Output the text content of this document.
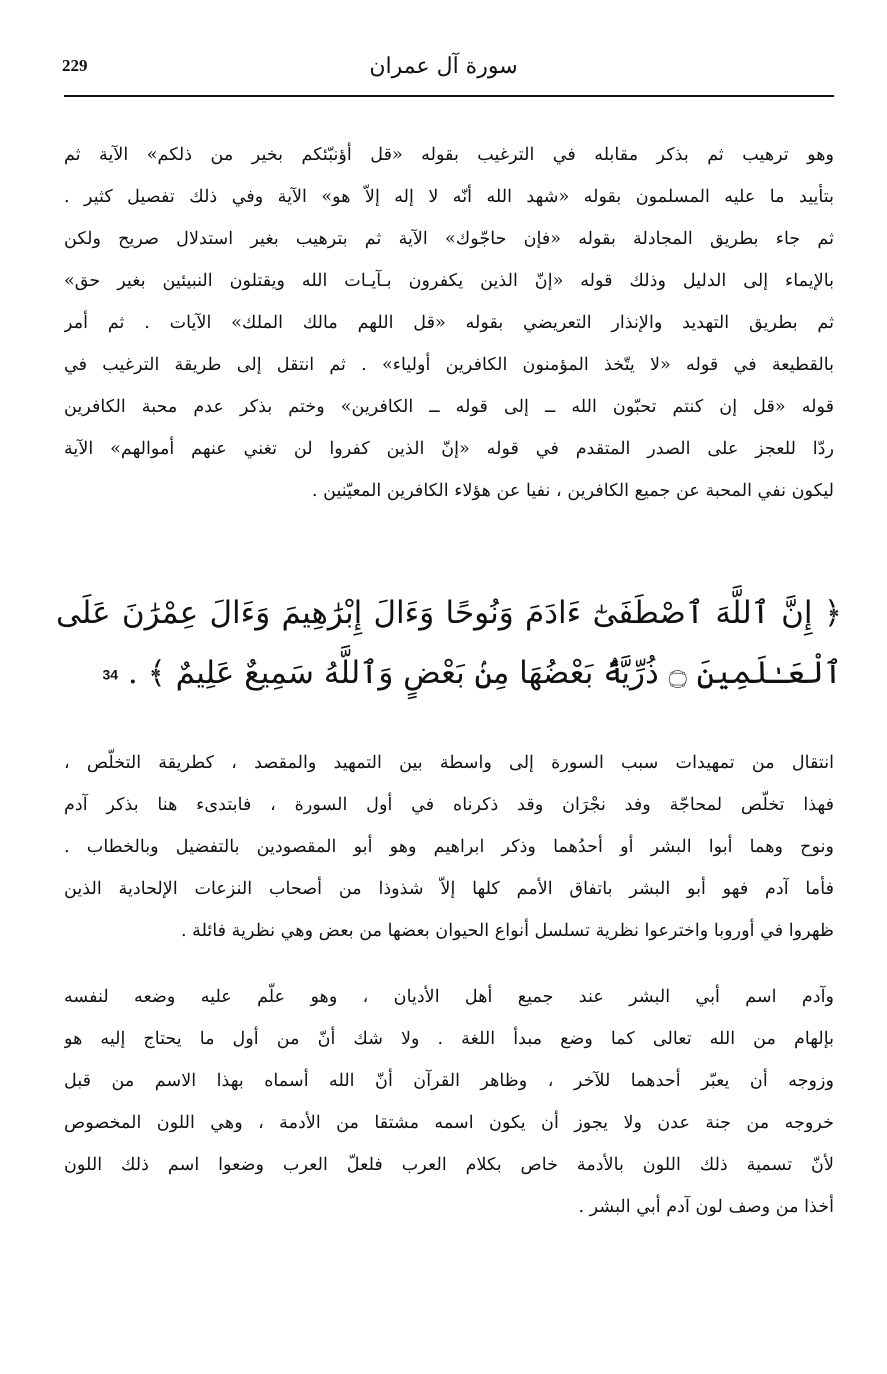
229	سورة آل عمران
وهو ترهيب ثم بذكر مقابله في الترغيب بقوله «قل أؤنبّئكم بخير من ذلكم» الآية ثم
بتأييد ما عليه المسلمون بقوله «شهد الله أنّه لا إله إلاّ هو» الآية وفي ذلك تفصيل كثير .
ثم جاء بطريق المجادلة بقوله «فإن حاجّوك» الآية ثم بترهيب بغير استدلال صريح ولكن
بالإيماء إلى الدليل وذلك قوله «إنّ الذين يكفرون بـآيـات الله ويقتلون النبيئين بغير حق»
ثم بطريق التهديد والإنذار التعريضي بقوله «قل اللهم مالك الملك» الآيات . ثم أمر
بالقطيعة في قوله «لا يتّخذ المؤمنون الكافرين أولياء» . ثم انتقل إلى طريقة الترغيب في
قوله «قل إن كنتم تحبّون الله ــ إلى قوله ــ الكافرين» وختم بذكر عدم محبة الكافرين
ردّا للعجز على الصدر المتقدم في قوله «إنّ الذين كفروا لن تغني عنهم أموالهم» الآية
ليكون نفي المحبة عن جميع الكافرين ، نفيا عن هؤلاء الكافرين المعيّنين .
﴿ إِنَّ ٱللَّهَ ٱصْطَفَىٰٓ ءَادَمَ وَنُوحًا وَءَالَ إِبْرَٰهِيمَ وَءَالَ عِمْرَٰنَ عَلَى
ٱلْعَـٰلَمِينَ ۝ ذُرِّيَّةًۢ بَعْضُهَا مِنۢ بَعْضٍ وَٱللَّهُ سَمِيعٌ عَلِيمٌ ﴾ . 34
انتقال من تمهيدات سبب السورة إلى واسطة بين التمهيد والمقصد ، كطريقة التخلّص ،
فهذا تخلّص لمحاجّة وفد نجْرَان وقد ذكرناه في أول السورة ، فابتدىء هنا بذكر آدم
ونوح وهما أبوا البشر أو أحدُهما وذكر ابراهيم وهو أبو المقصودين بالتفضيل وبالخطاب .
فأما آدم فهو أبو البشر باتفاق الأمم كلها إلاّ شذوذا من أصحاب النزعات الإلحادية الذين
ظهروا في أوروبا واخترعوا نظرية تسلسل أنواع الحيوان بعضها من بعض وهي نظرية فائلة .
وآدم اسم أبي البشر عند جميع أهل الأديان ، وهو علّم عليه وضعه لنفسه
بإلهام من الله تعالى كما وضع مبدأ اللغة . ولا شك أنّ من أول ما يحتاج إليه هو
وزوجه أن يعبّر أحدهما للآخر ، وظاهر القرآن أنّ الله أسماه بهذا الاسم من قبل
خروجه من جنة عدن ولا يجوز أن يكون اسمه مشتقا من الأدمة ، وهي اللون المخصوص
لأنّ تسمية ذلك اللون بالأدمة خاص بكلام العرب فلعلّ العرب وضعوا اسم ذلك اللون
أخذا من وصف لون آدم أبي البشر .
